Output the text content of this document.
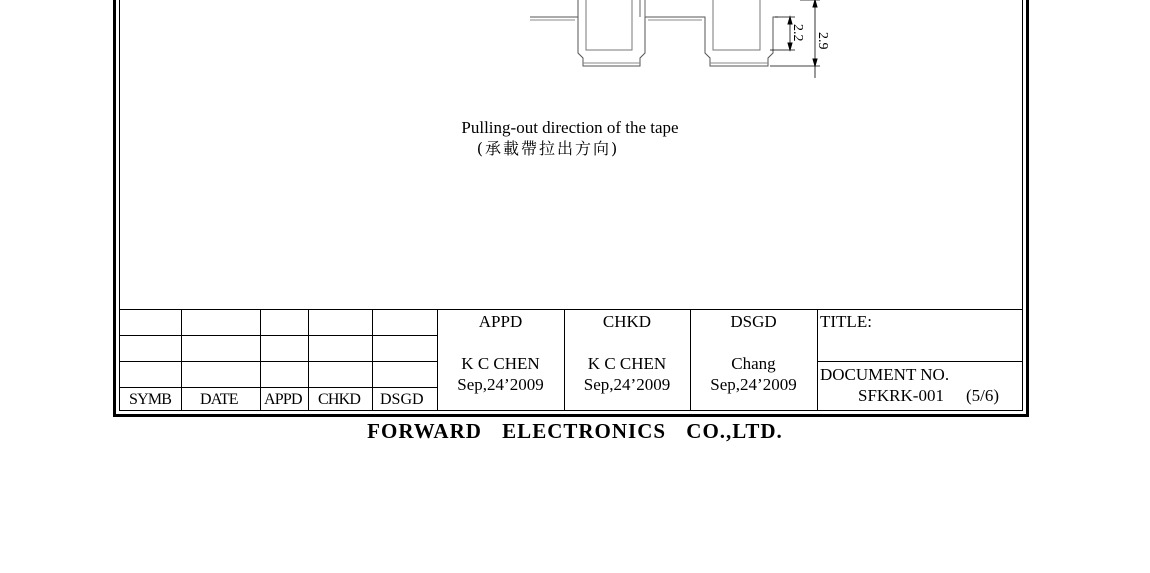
2.2 2.9
Pulling-out direction of the tape
(承載帶拉出方向)
SYMB DATE APPD CHKD DSGD
APPD
K C CHEN
Sep,24’2009
CHKD
K C CHEN
Sep,24’2009
DSGD
Chang
Sep,24’2009
TITLE:
DOCUMENT NO.
SFKRK-001 (5/6)
FORWARD ELECTRONICS CO.,LTD.
